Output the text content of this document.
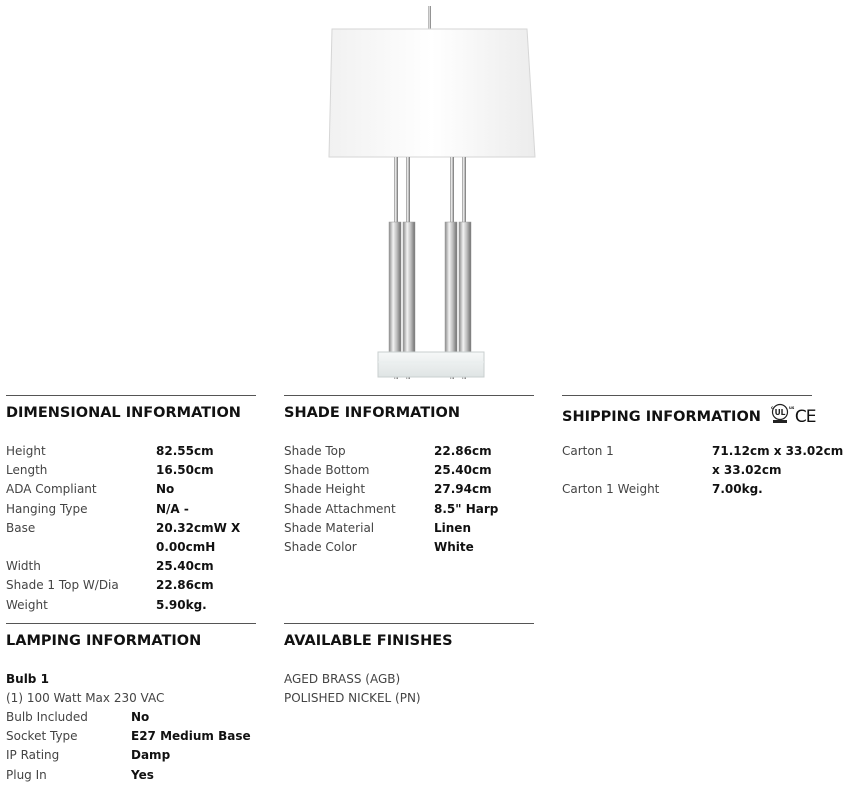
DIMENSIONAL INFORMATION
Height	82.55cm
Length	16.50cm
ADA Compliant	No
Hanging Type	N/A -
Base	20.32cmW X
0.00cmH
Width	25.40cm
Shade 1 Top W/Dia	22.86cm
Weight	5.90kg.
SHADE INFORMATION
Shade Top	22.86cm
Shade Bottom	25.40cm
Shade Height	27.94cm
Shade Attachment	8.5" Harp
Shade Material	Linen
Shade Color	White
SHIPPING INFORMATION UL
c	us CE
Carton 1	71.12cm x 33.02cm
x 33.02cm
Carton 1 Weight	7.00kg.
LAMPING INFORMATION
Bulb 1
(1) 100 Watt Max 230 VAC
Bulb Included	No
Socket Type	E27 Medium Base
IP Rating	Damp
Plug In	Yes
AVAILABLE FINISHES
AGED BRASS (AGB)
POLISHED NICKEL (PN)
